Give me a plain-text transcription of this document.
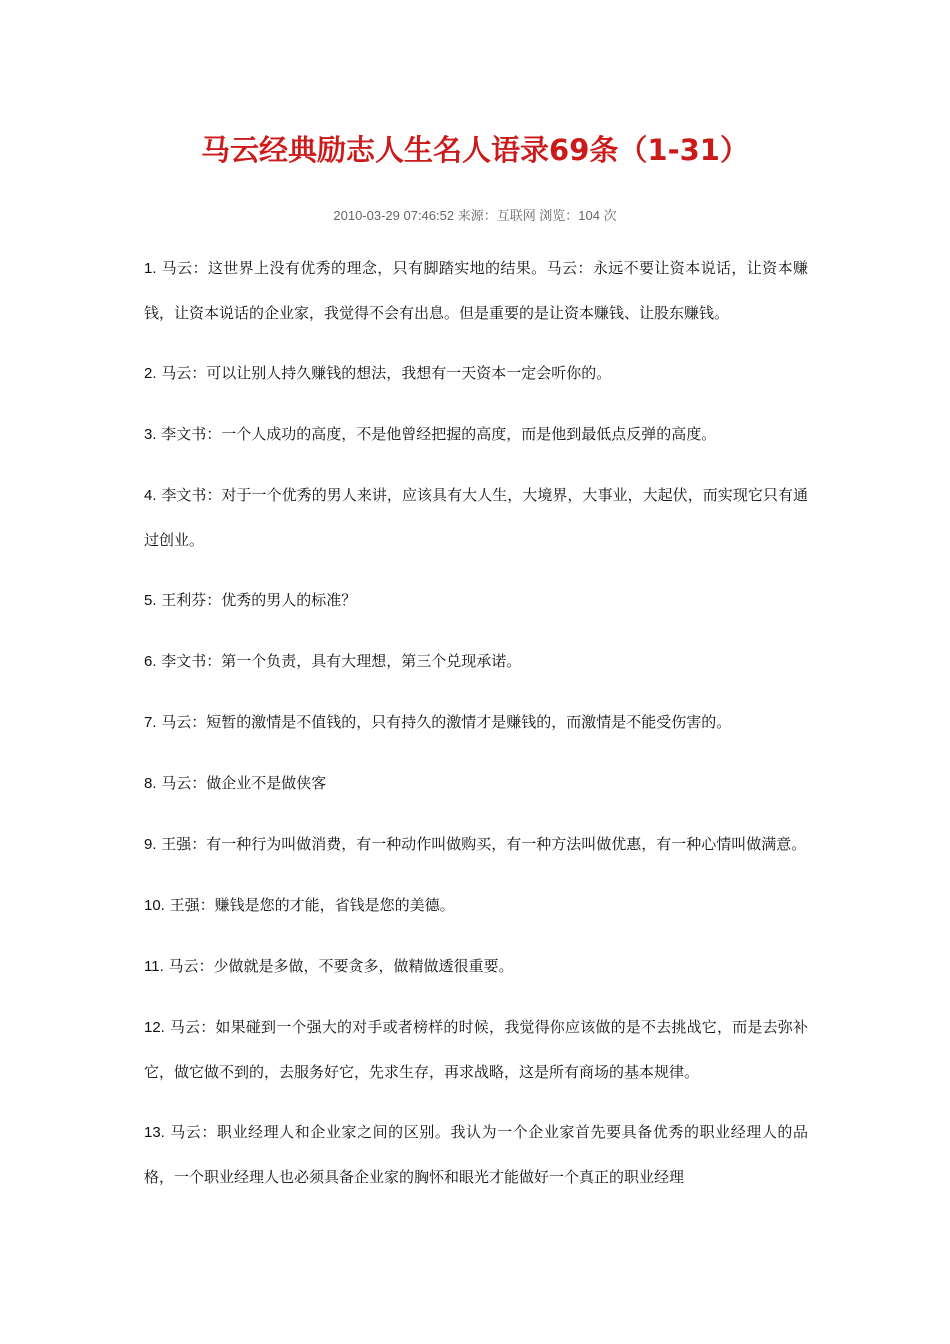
马云经典励志人生名人语录69条（1-31）
2010-03-29 07:46:52 来源：互联网 浏览：104 次

1. 马云：这世界上没有优秀的理念，只有脚踏实地的结果。马云：永远不要让资本说话，让资本赚钱，让资本说话的企业家，我觉得不会有出息。但是重要的是让资本赚钱、让股东赚钱。

2. 马云：可以让别人持久赚钱的想法，我想有一天资本一定会听你的。

3. 李文书：一个人成功的高度，不是他曾经把握的高度，而是他到最低点反弹的高度。

4. 李文书：对于一个优秀的男人来讲，应该具有大人生，大境界，大事业，大起伏，而实现它只有通过创业。

5. 王利芬：优秀的男人的标准？

6. 李文书：第一个负责，具有大理想，第三个兑现承诺。

7. 马云：短暂的激情是不值钱的，只有持久的激情才是赚钱的，而激情是不能受伤害的。

8. 马云：做企业不是做侠客

9. 王强：有一种行为叫做消费，有一种动作叫做购买，有一种方法叫做优惠，有一种心情叫做满意。

10. 王强：赚钱是您的才能，省钱是您的美德。

11. 马云：少做就是多做，不要贪多，做精做透很重要。

12. 马云：如果碰到一个强大的对手或者榜样的时候，我觉得你应该做的是不去挑战它，而是去弥补它，做它做不到的，去服务好它，先求生存，再求战略，这是所有商场的基本规律。

13. 马云：职业经理人和企业家之间的区别。我认为一个企业家首先要具备优秀的职业经理人的品格，一个职业经理人也必须具备企业家的胸怀和眼光才能做好一个真正的职业经理
